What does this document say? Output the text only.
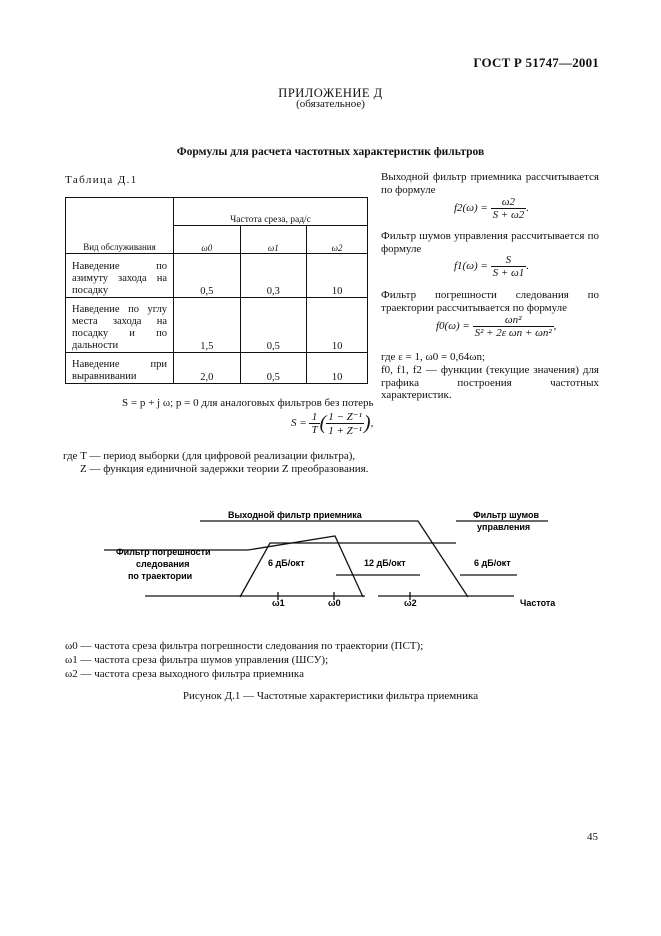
ГОСТ Р 51747—2001
ПРИЛОЖЕНИЕ Д
(обязательное)
Формулы для расчета частотных характеристик фильтров
Таблица Д.1
Вид обслуживания	Частота среза, рад/с		
	ω0	ω1	ω2
Наведение по азимуту захода на посадку	0,5	0,3	10
Наведение по углу места захода на посадку и по дальности	1,5	0,5	10
Наведение при выравнивании	2,0	0,5	10
Выходной фильтр приемника рассчитывается по формуле
$f2(\omega) = \frac{\omega 2}{S + \omega 2}$ .
Фильтр шумов управления рассчитывается по формуле
$f1(\omega) = \frac{S}{S + \omega 1}$ .
Фильтр погрешности следования по траектории рассчитывается по формуле
$f0(\omega) = \frac{\text{ωn²}}{\text{S² + 2ε ωn + ωn²}}$ ,
где ε = 1, ω0 = 0,64ωn;
f0, f1, f2 — функции (текущие значения) для графика построения частотных характеристик.
S = p + j ω; p = 0 для аналоговых фильтров без потерь
$S = \frac{1}{T}$ ( $\frac{\text{1 − Z⁻¹}}{\text{1 + Z⁻¹}}$ ),
где T — период выборки (для цифровой реализации фильтра),
Z — функция единичной задержки теории Z преобразования.
Выходной фильтр приемника	Фильтр шумов
управления
Фильтр погрешности
следования
по траектории
6 дБ/окт	12 дБ/окт	6 дБ/окт
ω1	ω0	ω2	Частота
ω0 — частота среза фильтра погрешности следования по траектории (ПСТ);
ω1 — частота среза фильтра шумов управления (ШСУ);
ω2 — частота среза выходного фильтра приемника
Рисунок Д.1 — Частотные характеристики фильтра приемника
45
